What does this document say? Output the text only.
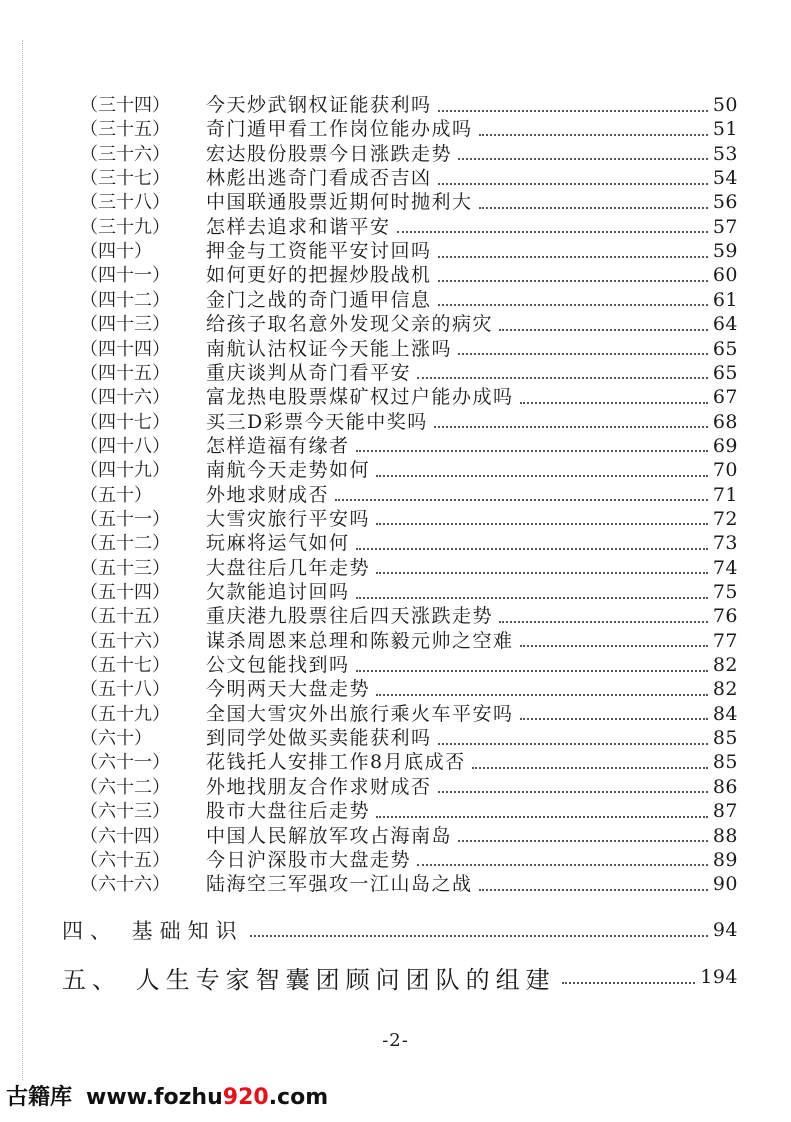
（三十四）	今天炒武钢权证能获利吗	50
（三十五）	奇门遁甲看工作岗位能办成吗	51
（三十六）	宏达股份股票今日涨跌走势	53
（三十七）	林彪出逃奇门看成否吉凶	54
（三十八）	中国联通股票近期何时抛利大	56
（三十九）	怎样去追求和谐平安	57
（四十）	押金与工资能平安讨回吗	59
（四十一）	如何更好的把握炒股战机	60
（四十二）	金门之战的奇门遁甲信息	61
（四十三）	给孩子取名意外发现父亲的病灾	64
（四十四）	南航认沽权证今天能上涨吗	65
（四十五）	重庆谈判从奇门看平安	65
（四十六）	富龙热电股票煤矿权过户能办成吗	67
（四十七）	买三D彩票今天能中奖吗	68
（四十八）	怎样造福有缘者	69
（四十九）	南航今天走势如何	70
（五十）	外地求财成否	71
（五十一）	大雪灾旅行平安吗	72
（五十二）	玩麻将运气如何	73
（五十三）	大盘往后几年走势	74
（五十四）	欠款能追讨回吗	75
（五十五）	重庆港九股票往后四天涨跌走势	76
（五十六）	谋杀周恩来总理和陈毅元帅之空难	77
（五十七）	公文包能找到吗	82
（五十八）	今明两天大盘走势	82
（五十九）	全国大雪灾外出旅行乘火车平安吗	84
（六十）	到同学处做买卖能获利吗	85
（六十一）	花钱托人安排工作8月底成否	85
（六十二）	外地找朋友合作求财成否	86
（六十三）	股市大盘往后走势	87
（六十四）	中国人民解放军攻占海南岛	88
（六十五）	今日沪深股市大盘走势	89
（六十六）	陆海空三军强攻一江山岛之战	90
四、 基础知识	94
五、 人生专家智囊团顾问团队的组建	194
-2-
古籍库 www.fozhu920.com
